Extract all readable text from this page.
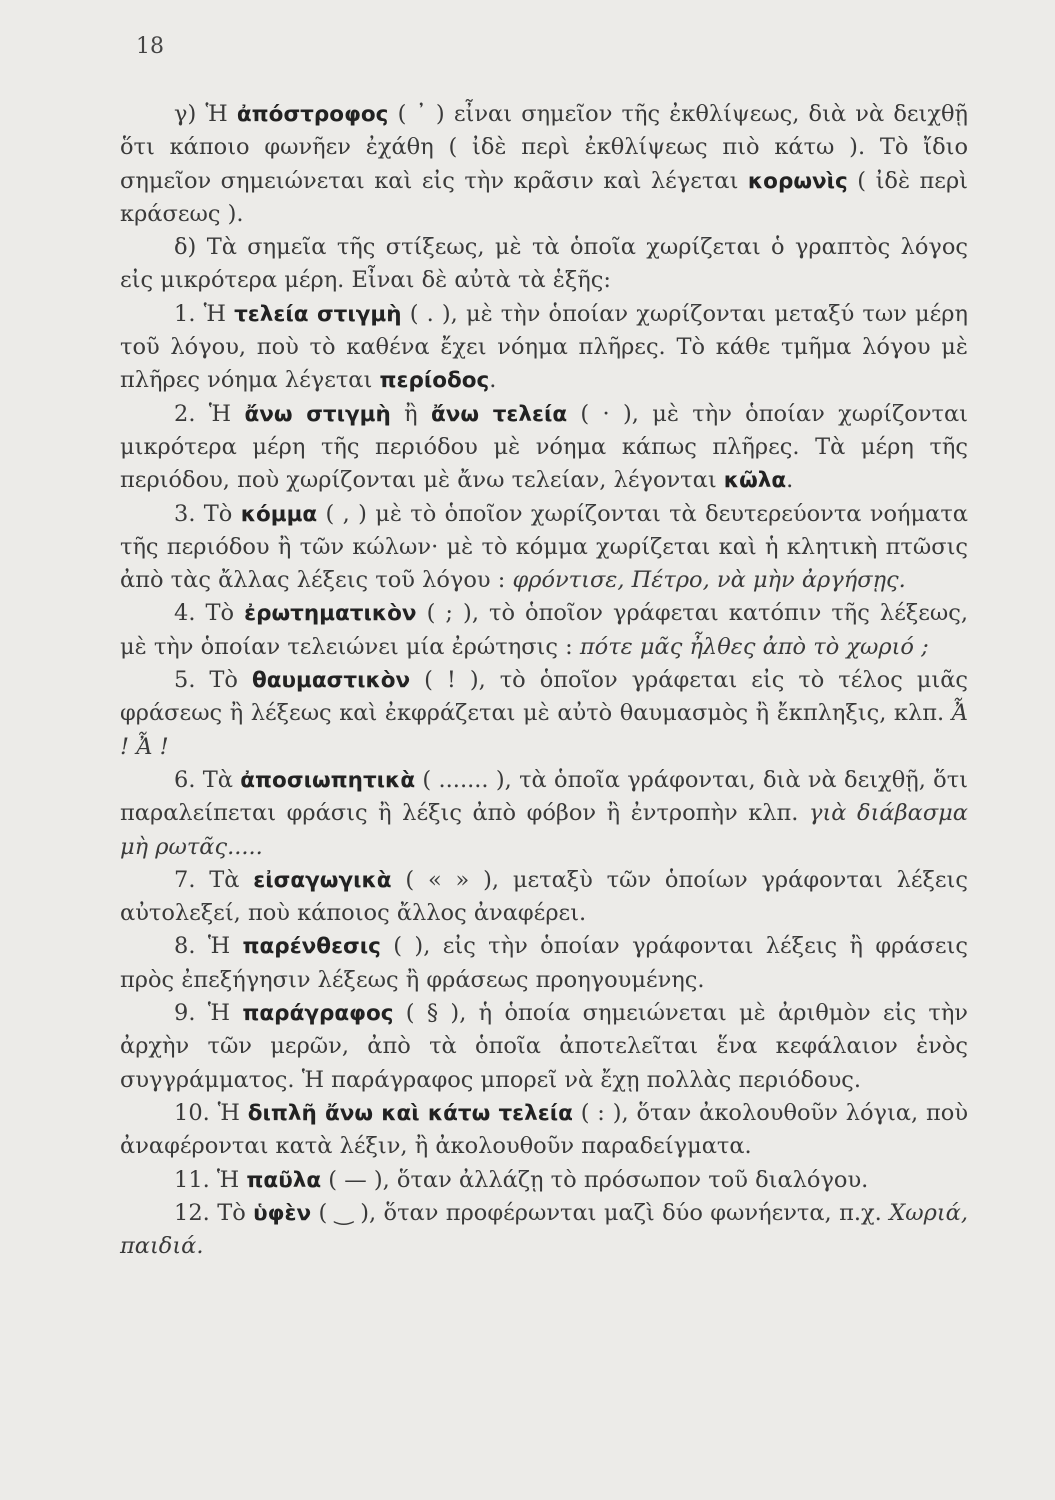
18

γ) Ἡ ἀπόστροφος ( ᾿ ) εἶναι σημεῖον τῆς ἐκθλίψεως, διὰ νὰ δειχθῇ ὅτι κάποιο φωνῆεν ἐχάθη ( ἰδὲ περὶ ἐκθλίψεως πιὸ κάτω ). Τὸ ἴδιο σημεῖον σημειώνεται καὶ εἰς τὴν κρᾶσιν καὶ λέγεται κορωνὶς ( ἰδὲ περὶ κράσεως ).

δ) Τὰ σημεῖα τῆς στίξεως, μὲ τὰ ὁποῖα χωρίζεται ὁ γραπτὸς λόγος εἰς μικρότερα μέρη. Εἶναι δὲ αὐτὰ τὰ ἑξῆς:

1. Ἡ τελεία στιγμὴ ( . ), μὲ τὴν ὁποίαν χωρίζονται μεταξύ των μέρη τοῦ λόγου, ποὺ τὸ καθένα ἔχει νόημα πλῆρες. Τὸ κάθε τμῆμα λόγου μὲ πλῆρες νόημα λέγεται περίοδος.

2. Ἡ ἄνω στιγμὴ ἢ ἄνω τελεία ( · ), μὲ τὴν ὁποίαν χωρίζονται μικρότερα μέρη τῆς περιόδου μὲ νόημα κάπως πλῆρες. Τὰ μέρη τῆς περιόδου, ποὺ χωρίζονται μὲ ἄνω τελείαν, λέγονται κῶλα.

3. Τὸ κόμμα ( , ) μὲ τὸ ὁποῖον χωρίζονται τὰ δευτερεύοντα νοήματα τῆς περιόδου ἢ τῶν κώλων· μὲ τὸ κόμμα χωρίζεται καὶ ἡ κλητικὴ πτῶσις ἀπὸ τὰς ἄλλας λέξεις τοῦ λόγου : φρόντισε, Πέτρο, νὰ μὴν ἀργήσῃς.

4. Τὸ ἐρωτηματικὸν ( ; ), τὸ ὁποῖον γράφεται κατόπιν τῆς λέξεως, μὲ τὴν ὁποίαν τελειώνει μία ἐρώτησις : πότε μᾶς ἦλθες ἀπὸ τὸ χωριό ;

5. Τὸ θαυμαστικὸν ( ! ), τὸ ὁποῖον γράφεται εἰς τὸ τέλος μιᾶς φράσεως ἢ λέξεως καὶ ἐκφράζεται μὲ αὐτὸ θαυμασμὸς ἢ ἔκπληξις, κλπ. Ἆ ! Ἆ !

6. Τὰ ἀποσιωπητικὰ ( ....... ), τὰ ὁποῖα γράφονται, διὰ νὰ δειχθῇ, ὅτι παραλείπεται φράσις ἢ λέξις ἀπὸ φόβον ἢ ἐντροπὴν κλπ. γιὰ διάβασμα μὴ ρωτᾶς.....

7. Τὰ εἰσαγωγικὰ ( « » ), μεταξὺ τῶν ὁποίων γράφονται λέξεις αὐτολεξεί, ποὺ κάποιος ἄλλος ἀναφέρει.

8. Ἡ παρένθεσις ( ), εἰς τὴν ὁποίαν γράφονται λέξεις ἢ φράσεις πρὸς ἐπεξήγησιν λέξεως ἢ φράσεως προηγουμένης.

9. Ἡ παράγραφος ( § ), ἡ ὁποία σημειώνεται μὲ ἀριθμὸν εἰς τὴν ἀρχὴν τῶν μερῶν, ἀπὸ τὰ ὁποῖα ἀποτελεῖται ἕνα κεφάλαιον ἑνὸς συγγράμματος. Ἡ παράγραφος μπορεῖ νὰ ἔχῃ πολλὰς περιόδους.

10. Ἡ διπλῆ ἄνω καὶ κάτω τελεία ( : ), ὅταν ἀκολουθοῦν λόγια, ποὺ ἀναφέρονται κατὰ λέξιν, ἢ ἀκολουθοῦν παραδείγματα.

11. Ἡ παῦλα ( — ), ὅταν ἀλλάζῃ τὸ πρόσωπον τοῦ διαλόγου.

12. Τὸ ὑφὲν ( ‿ ), ὅταν προφέρωνται μαζὶ δύο φωνήεντα, π.χ. Χωριά, παιδιά.
